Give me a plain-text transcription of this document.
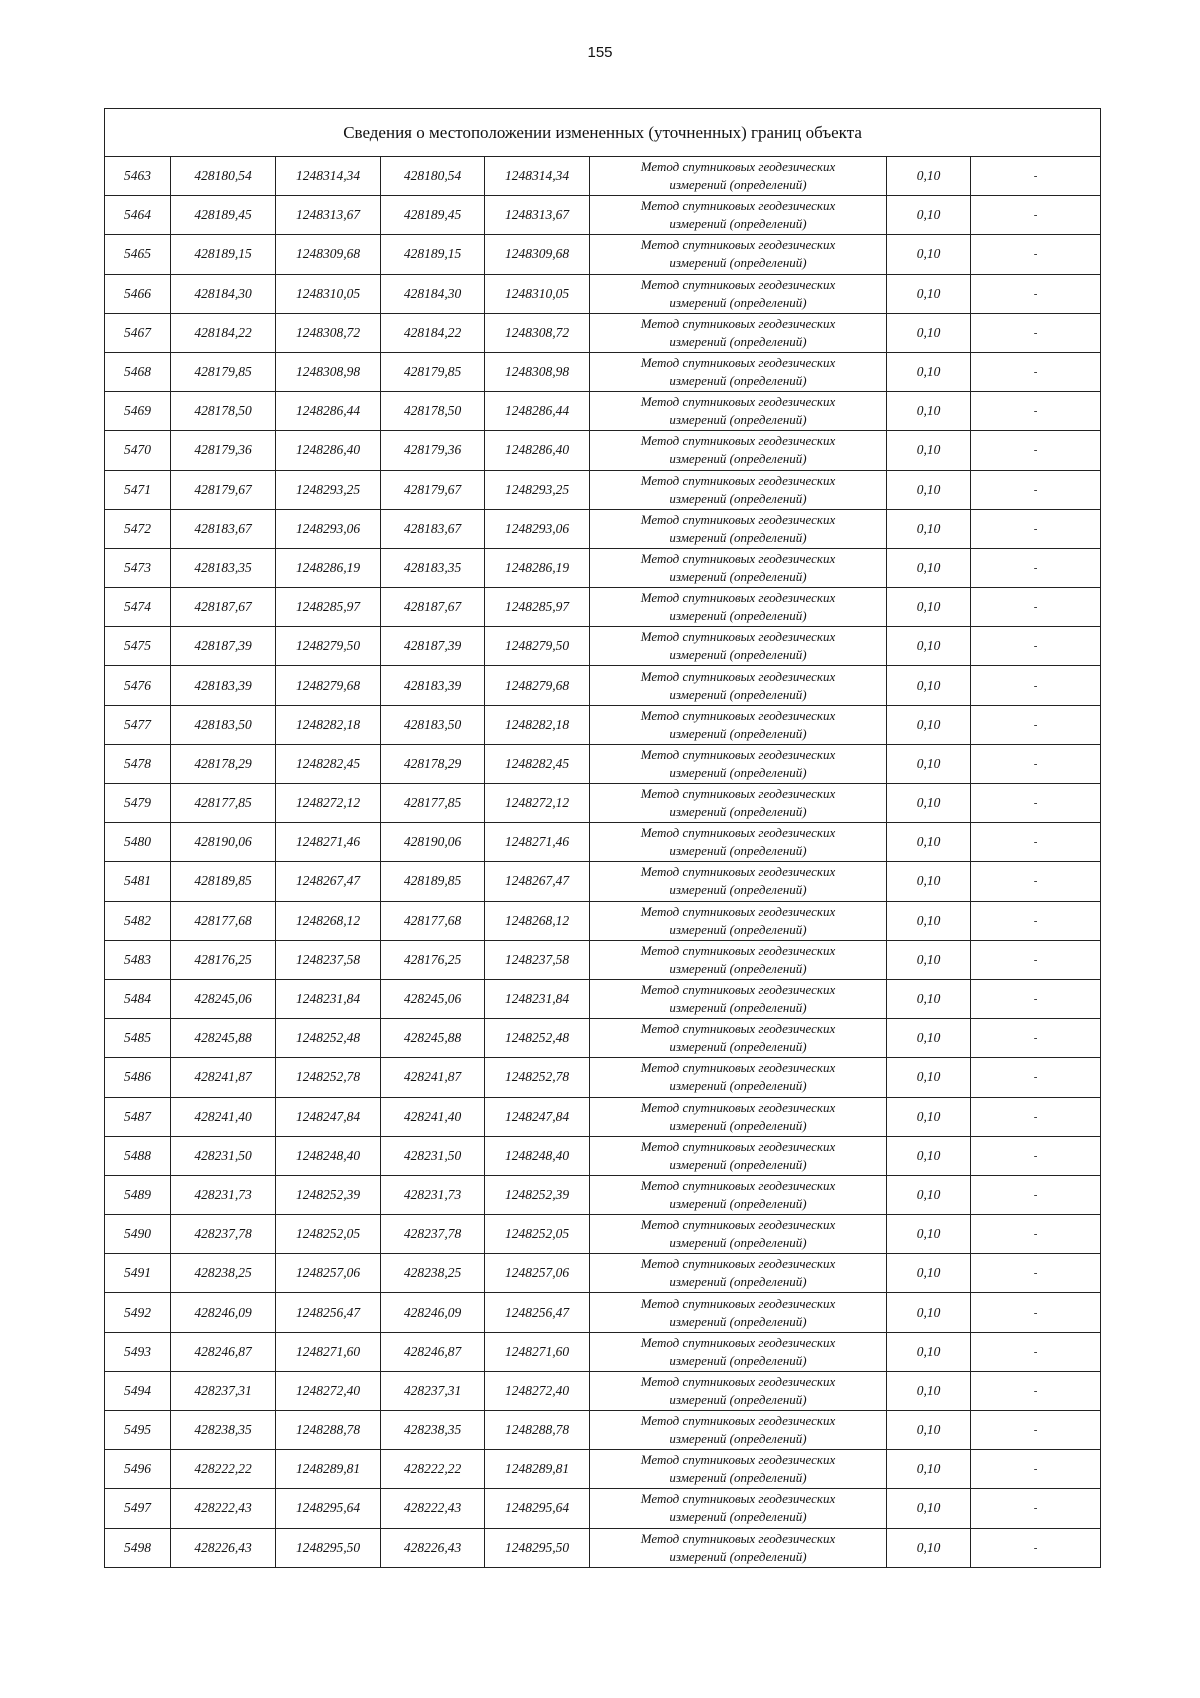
155
Сведения о местоположении измененных (уточненных) границ объекта							
5463	428180,54	1248314,34	428180,54	1248314,34	Метод спутниковых геодезических
измерений (определений)	0,10	-
5464	428189,45	1248313,67	428189,45	1248313,67	Метод спутниковых геодезических
измерений (определений)	0,10	-
5465	428189,15	1248309,68	428189,15	1248309,68	Метод спутниковых геодезических
измерений (определений)	0,10	-
5466	428184,30	1248310,05	428184,30	1248310,05	Метод спутниковых геодезических
измерений (определений)	0,10	-
5467	428184,22	1248308,72	428184,22	1248308,72	Метод спутниковых геодезических
измерений (определений)	0,10	-
5468	428179,85	1248308,98	428179,85	1248308,98	Метод спутниковых геодезических
измерений (определений)	0,10	-
5469	428178,50	1248286,44	428178,50	1248286,44	Метод спутниковых геодезических
измерений (определений)	0,10	-
5470	428179,36	1248286,40	428179,36	1248286,40	Метод спутниковых геодезических
измерений (определений)	0,10	-
5471	428179,67	1248293,25	428179,67	1248293,25	Метод спутниковых геодезических
измерений (определений)	0,10	-
5472	428183,67	1248293,06	428183,67	1248293,06	Метод спутниковых геодезических
измерений (определений)	0,10	-
5473	428183,35	1248286,19	428183,35	1248286,19	Метод спутниковых геодезических
измерений (определений)	0,10	-
5474	428187,67	1248285,97	428187,67	1248285,97	Метод спутниковых геодезических
измерений (определений)	0,10	-
5475	428187,39	1248279,50	428187,39	1248279,50	Метод спутниковых геодезических
измерений (определений)	0,10	-
5476	428183,39	1248279,68	428183,39	1248279,68	Метод спутниковых геодезических
измерений (определений)	0,10	-
5477	428183,50	1248282,18	428183,50	1248282,18	Метод спутниковых геодезических
измерений (определений)	0,10	-
5478	428178,29	1248282,45	428178,29	1248282,45	Метод спутниковых геодезических
измерений (определений)	0,10	-
5479	428177,85	1248272,12	428177,85	1248272,12	Метод спутниковых геодезических
измерений (определений)	0,10	-
5480	428190,06	1248271,46	428190,06	1248271,46	Метод спутниковых геодезических
измерений (определений)	0,10	-
5481	428189,85	1248267,47	428189,85	1248267,47	Метод спутниковых геодезических
измерений (определений)	0,10	-
5482	428177,68	1248268,12	428177,68	1248268,12	Метод спутниковых геодезических
измерений (определений)	0,10	-
5483	428176,25	1248237,58	428176,25	1248237,58	Метод спутниковых геодезических
измерений (определений)	0,10	-
5484	428245,06	1248231,84	428245,06	1248231,84	Метод спутниковых геодезических
измерений (определений)	0,10	-
5485	428245,88	1248252,48	428245,88	1248252,48	Метод спутниковых геодезических
измерений (определений)	0,10	-
5486	428241,87	1248252,78	428241,87	1248252,78	Метод спутниковых геодезических
измерений (определений)	0,10	-
5487	428241,40	1248247,84	428241,40	1248247,84	Метод спутниковых геодезических
измерений (определений)	0,10	-
5488	428231,50	1248248,40	428231,50	1248248,40	Метод спутниковых геодезических
измерений (определений)	0,10	-
5489	428231,73	1248252,39	428231,73	1248252,39	Метод спутниковых геодезических
измерений (определений)	0,10	-
5490	428237,78	1248252,05	428237,78	1248252,05	Метод спутниковых геодезических
измерений (определений)	0,10	-
5491	428238,25	1248257,06	428238,25	1248257,06	Метод спутниковых геодезических
измерений (определений)	0,10	-
5492	428246,09	1248256,47	428246,09	1248256,47	Метод спутниковых геодезических
измерений (определений)	0,10	-
5493	428246,87	1248271,60	428246,87	1248271,60	Метод спутниковых геодезических
измерений (определений)	0,10	-
5494	428237,31	1248272,40	428237,31	1248272,40	Метод спутниковых геодезических
измерений (определений)	0,10	-
5495	428238,35	1248288,78	428238,35	1248288,78	Метод спутниковых геодезических
измерений (определений)	0,10	-
5496	428222,22	1248289,81	428222,22	1248289,81	Метод спутниковых геодезических
измерений (определений)	0,10	-
5497	428222,43	1248295,64	428222,43	1248295,64	Метод спутниковых геодезических
измерений (определений)	0,10	-
5498	428226,43	1248295,50	428226,43	1248295,50	Метод спутниковых геодезических
измерений (определений)	0,10	-
